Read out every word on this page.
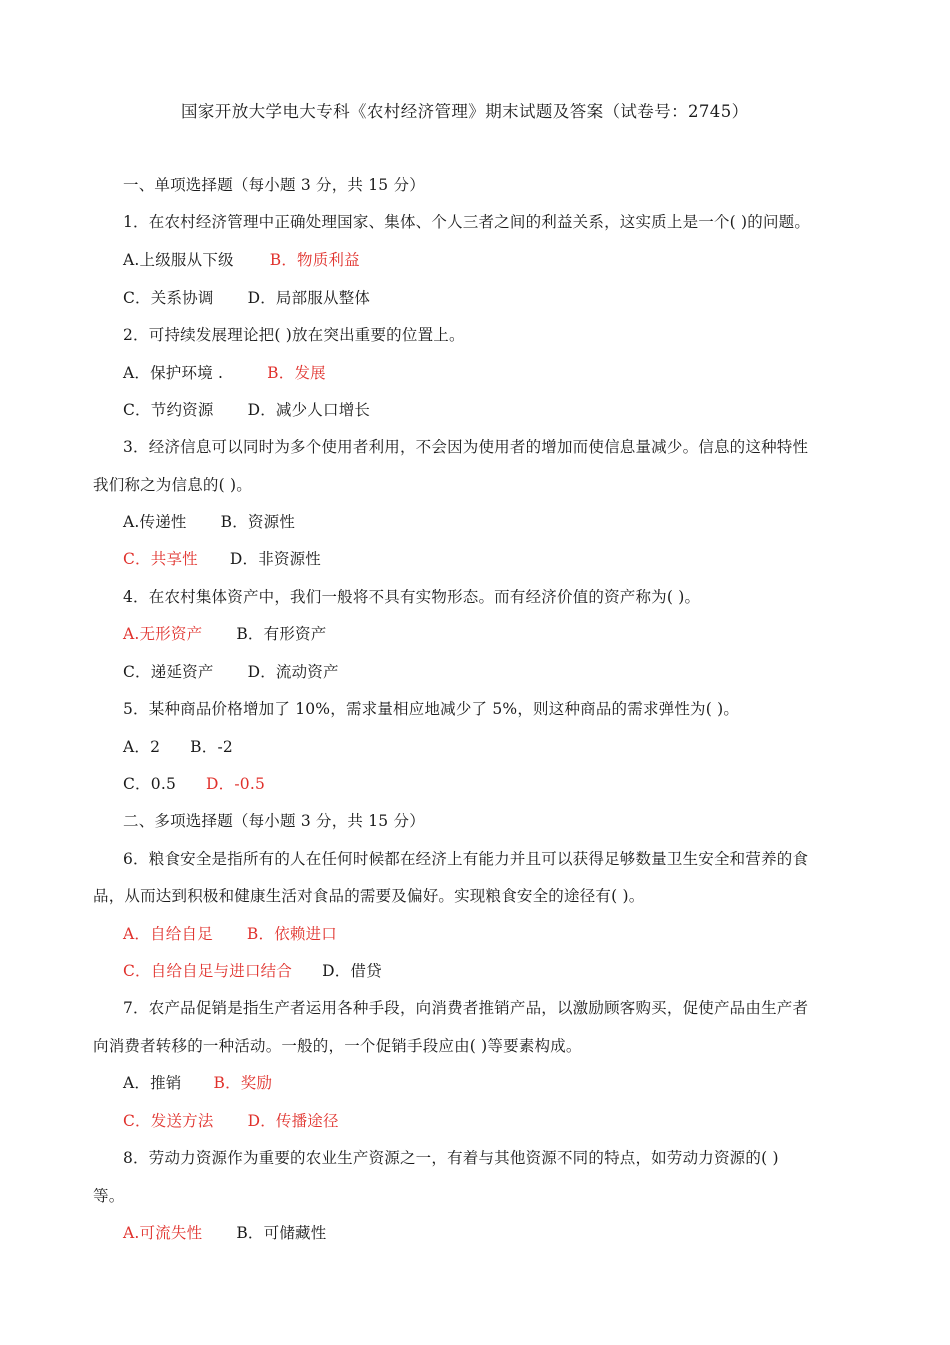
国家开放大学电大专科《农村经济管理》期末试题及答案（试卷号：2745）
一、单项选择题（每小题 3 分，共 15 分）
1．在农村经济管理中正确处理国家、集体、个人三者之间的利益关系，这实质上是一个( )的问题。
A.上级服从下级 B．物质利益
C．关系协调 D．局部服从整体
2．可持续发展理论把( )放在突出重要的位置上。
A．保护环境 .	B．发展
C．节约资源 D．减少人口增长
3．经济信息可以同时为多个使用者利用，不会因为使用者的增加而使信息量减少。信息的这种特性
我们称之为信息的( )。
A.传递性 B．资源性
C．共享性 D．非资源性
4．在农村集体资产中，我们一般将不具有实物形态。而有经济价值的资产称为( )。
A.无形资产 B．有形资产
C．递延资产 D．流动资产
5．某种商品价格增加了 10%，需求量相应地减少了 5%，则这种商品的需求弹性为( )。
A．2 B．-2
C．0.5 D．-0.5
二、多项选择题（每小题 3 分，共 15 分）
6．粮食安全是指所有的人在任何时候都在经济上有能力并且可以获得足够数量卫生安全和营养的食
品，从而达到积极和健康生活对食品的需要及偏好。实现粮食安全的途径有( )。
A．自给自足 B．依赖进口
C．自给自足与进口结合 D．借贷
7．农产品促销是指生产者运用各种手段，向消费者推销产品，以激励顾客购买，促使产品由生产者
向消费者转移的一种活动。一般的，一个促销手段应由( )等要素构成。
A．推销 B．奖励
C．发送方法 D．传播途径
8．劳动力资源作为重要的农业生产资源之一，有着与其他资源不同的特点，如劳动力资源的( )
等。
A.可流失性 B．可储藏性
